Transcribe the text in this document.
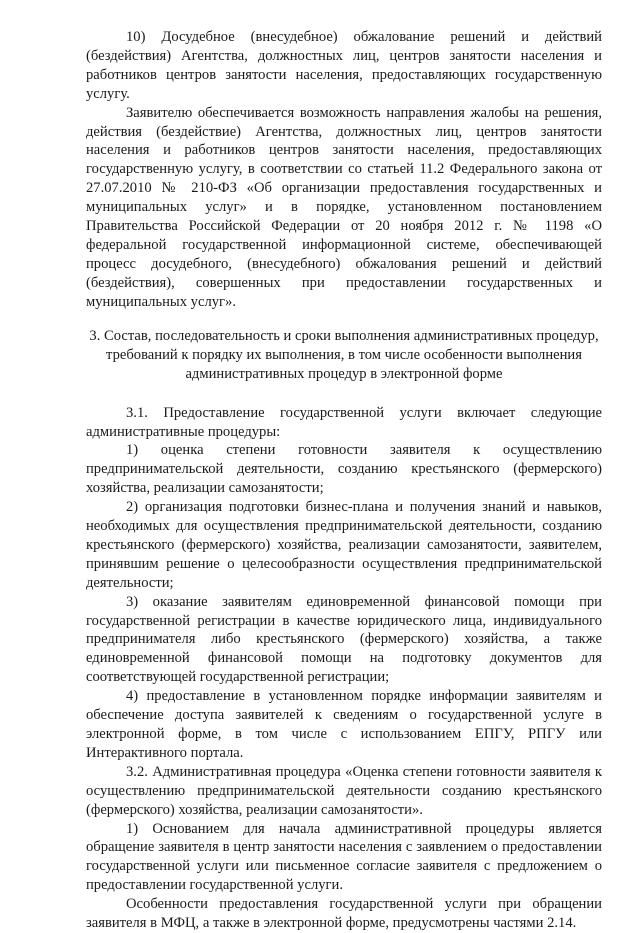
10) Досудебное (внесудебное) обжалование решений и действий (бездействия) Агентства, должностных лиц, центров занятости населения и работников центров занятости населения, предоставляющих государственную услугу.

Заявителю обеспечивается возможность направления жалобы на решения, действия (бездействие) Агентства, должностных лиц, центров занятости населения и работников центров занятости населения, предоставляющих государственную услугу, в соответствии со статьей 11.2 Федерального закона от 27.07.2010 № 210-ФЗ «Об организации предоставления государственных и муниципальных услуг» и в порядке, установленном постановлением Правительства Российской Федерации от 20 ноября 2012 г. № 1198 «О федеральной государственной информационной системе, обеспечивающей процесс досудебного, (внесудебного) обжалования решений и действий (бездействия), совершенных при предоставлении государственных и муниципальных услуг».

3. Состав, последовательность и сроки выполнения административных процедур, требований к порядку их выполнения, в том числе особенности выполнения административных процедур в электронной форме

3.1. Предоставление государственной услуги включает следующие административные процедуры:

1) оценка степени готовности заявителя к осуществлению предпринимательской деятельности, созданию крестьянского (фермерского) хозяйства, реализации самозанятости;

2) организация подготовки бизнес-плана и получения знаний и навыков, необходимых для осуществления предпринимательской деятельности, созданию крестьянского (фермерского) хозяйства, реализации самозанятости, заявителем, принявшим решение о целесообразности осуществления предпринимательской деятельности;

3) оказание заявителям единовременной финансовой помощи при государственной регистрации в качестве юридического лица, индивидуального предпринимателя либо крестьянского (фермерского) хозяйства, а также единовременной финансовой помощи на подготовку документов для соответствующей государственной регистрации;

4) предоставление в установленном порядке информации заявителям и обеспечение доступа заявителей к сведениям о государственной услуге в электронной форме, в том числе с использованием ЕПГУ, РПГУ или Интерактивного портала.

3.2. Административная процедура «Оценка степени готовности заявителя к осуществлению предпринимательской деятельности созданию крестьянского (фермерского) хозяйства, реализации самозанятости».

1) Основанием для начала административной процедуры является обращение заявителя в центр занятости населения с заявлением о предоставлении государственной услуги или письменное согласие заявителя с предложением о предоставлении государственной услуги.

Особенности предоставления государственной услуги при обращении заявителя в МФЦ, а также в электронной форме, предусмотрены частями 2.14.
